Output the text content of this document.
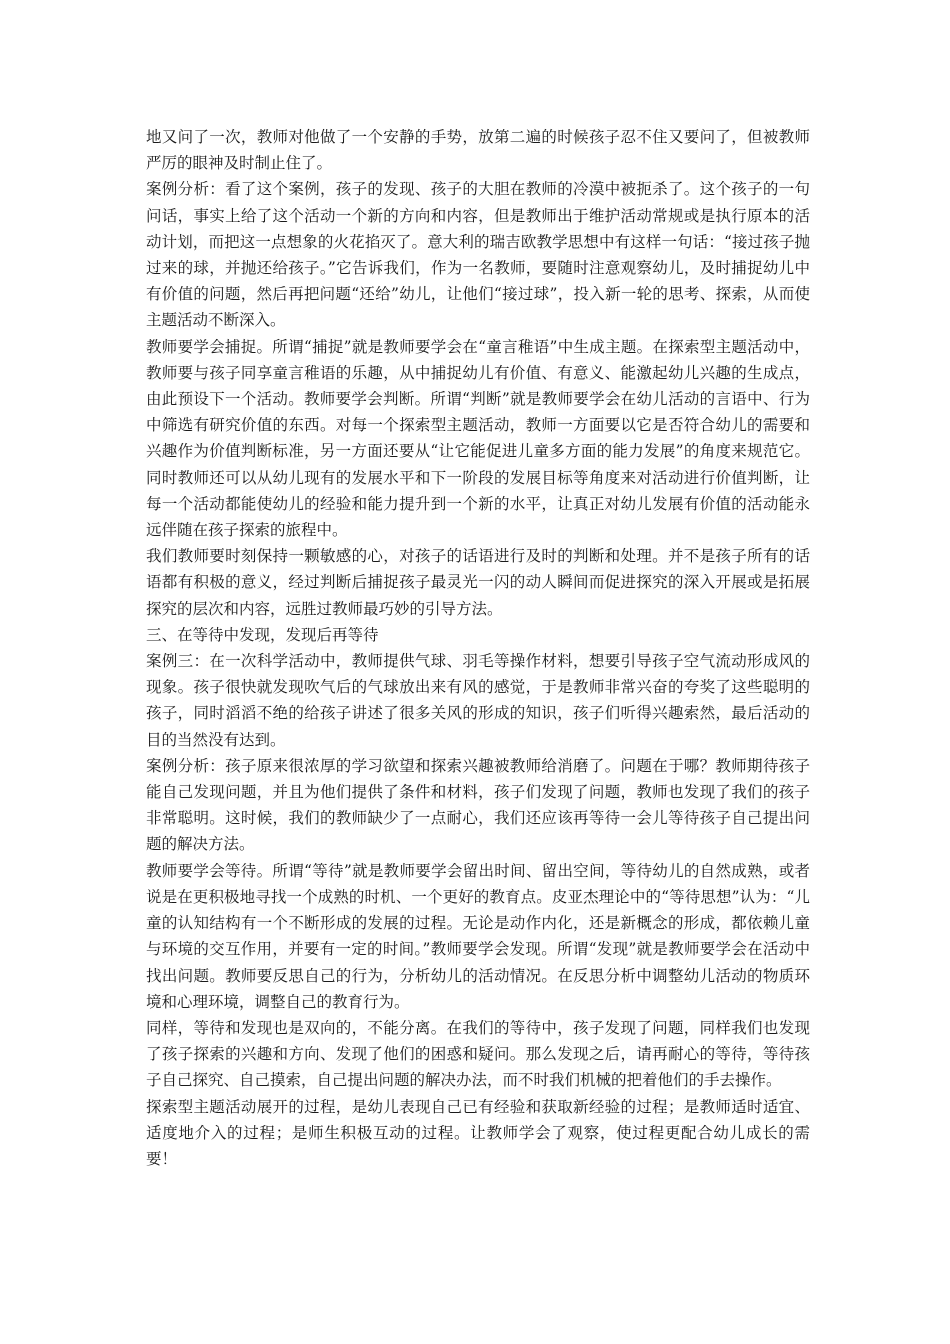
地又问了一次，教师对他做了一个安静的手势，放第二遍的时候孩子忍不住又要问了，但被教师严厉的眼神及时制止住了。

案例分析：看了这个案例，孩子的发现、孩子的大胆在教师的冷漠中被扼杀了。这个孩子的一句问话，事实上给了这个活动一个新的方向和内容，但是教师出于维护活动常规或是执行原本的活动计划，而把这一点想象的火花掐灭了。意大利的瑞吉欧教学思想中有这样一句话：“接过孩子抛过来的球，并抛还给孩子。”它告诉我们，作为一名教师，要随时注意观察幼儿，及时捕捉幼儿中有价值的问题，然后再把问题“还给”幼儿，让他们“接过球”，投入新一轮的思考、探索，从而使主题活动不断深入。

教师要学会捕捉。所谓“捕捉”就是教师要学会在“童言稚语”中生成主题。在探索型主题活动中，教师要与孩子同享童言稚语的乐趣，从中捕捉幼儿有价值、有意义、能激起幼儿兴趣的生成点，由此预设下一个活动。教师要学会判断。所谓“判断”就是教师要学会在幼儿活动的言语中、行为中筛选有研究价值的东西。对每一个探索型主题活动，教师一方面要以它是否符合幼儿的需要和兴趣作为价值判断标准，另一方面还要从“让它能促进儿童多方面的能力发展”的角度来规范它。同时教师还可以从幼儿现有的发展水平和下一阶段的发展目标等角度来对活动进行价值判断，让每一个活动都能使幼儿的经验和能力提升到一个新的水平，让真正对幼儿发展有价值的活动能永远伴随在孩子探索的旅程中。

我们教师要时刻保持一颗敏感的心，对孩子的话语进行及时的判断和处理。并不是孩子所有的话语都有积极的意义，经过判断后捕捉孩子最灵光一闪的动人瞬间而促进探究的深入开展或是拓展探究的层次和内容，远胜过教师最巧妙的引导方法。

三、在等待中发现，发现后再等待

案例三：在一次科学活动中，教师提供气球、羽毛等操作材料，想要引导孩子空气流动形成风的现象。孩子很快就发现吹气后的气球放出来有风的感觉，于是教师非常兴奋的夸奖了这些聪明的孩子，同时滔滔不绝的给孩子讲述了很多关风的形成的知识，孩子们听得兴趣索然，最后活动的目的当然没有达到。

案例分析：孩子原来很浓厚的学习欲望和探索兴趣被教师给消磨了。问题在于哪？教师期待孩子能自己发现问题，并且为他们提供了条件和材料，孩子们发现了问题，教师也发现了我们的孩子非常聪明。这时候，我们的教师缺少了一点耐心，我们还应该再等待一会儿等待孩子自己提出问题的解决方法。

教师要学会等待。所谓“等待”就是教师要学会留出时间、留出空间，等待幼儿的自然成熟，或者说是在更积极地寻找一个成熟的时机、一个更好的教育点。皮亚杰理论中的“等待思想”认为：“儿童的认知结构有一个不断形成的发展的过程。无论是动作内化，还是新概念的形成，都依赖儿童与环境的交互作用，并要有一定的时间。”教师要学会发现。所谓“发现”就是教师要学会在活动中找出问题。教师要反思自己的行为，分析幼儿的活动情况。在反思分析中调整幼儿活动的物质环境和心理环境，调整自己的教育行为。

同样，等待和发现也是双向的，不能分离。在我们的等待中，孩子发现了问题，同样我们也发现了孩子探索的兴趣和方向、发现了他们的困惑和疑问。那么发现之后，请再耐心的等待，等待孩子自己探究、自己摸索，自己提出问题的解决办法，而不时我们机械的把着他们的手去操作。

探索型主题活动展开的过程，是幼儿表现自己已有经验和获取新经验的过程；是教师适时适宜、适度地介入的过程；是师生积极互动的过程。让教师学会了观察，使过程更配合幼儿成长的需要！
